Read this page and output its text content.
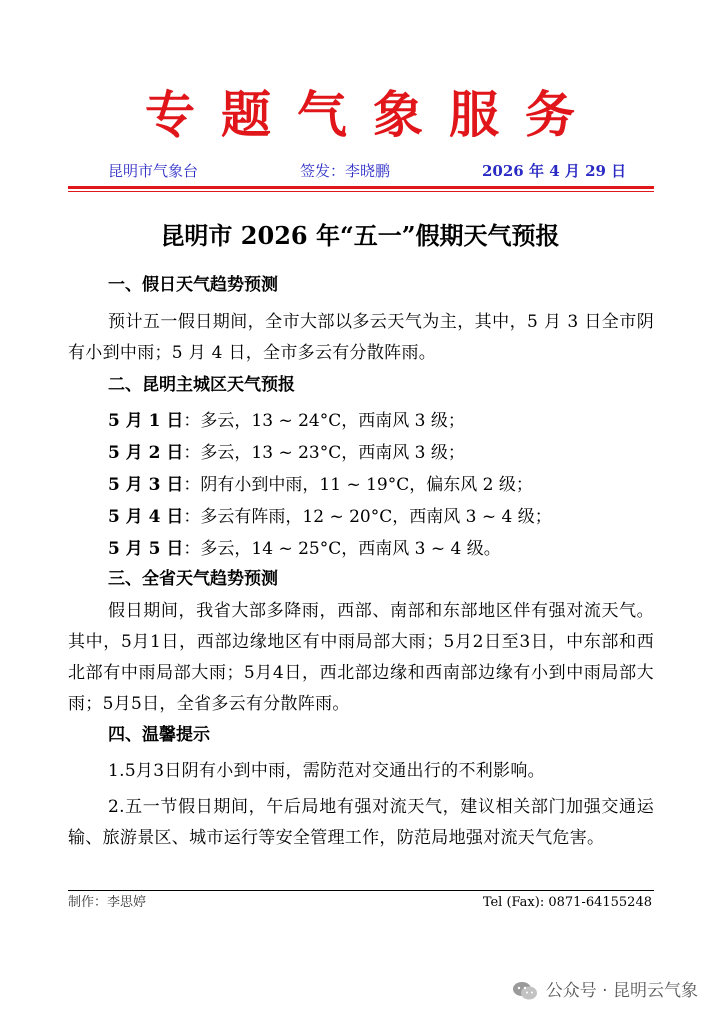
专题气象服务
昆明市气象台	签发：李晓鹏	2026 年 4 月 29 日
昆明市 2026 年“五一”假期天气预报
一、假日天气趋势预测
预计五一假日期间，全市大部以多云天气为主，其中，5 月 3 日全市阴有小到中雨；5 月 4 日，全市多云有分散阵雨。
二、昆明主城区天气预报
5 月 1 日：多云，13 ~ 24°C，西南风 3 级；
5 月 2 日：多云，13 ~ 23°C，西南风 3 级；
5 月 3 日：阴有小到中雨，11 ~ 19°C，偏东风 2 级；
5 月 4 日：多云有阵雨，12 ~ 20°C，西南风 3 ~ 4 级；
5 月 5 日：多云，14 ~ 25°C，西南风 3 ~ 4 级。
三、全省天气趋势预测
假日期间，我省大部多降雨，西部、南部和东部地区伴有强对流天气。其中，5月1日，西部边缘地区有中雨局部大雨；5月2日至3日，中东部和西北部有中雨局部大雨；5月4日，西北部边缘和西南部边缘有小到中雨局部大雨；5月5日，全省多云有分散阵雨。
四、温馨提示
1.5月3日阴有小到中雨，需防范对交通出行的不利影响。
2.五一节假日期间，午后局地有强对流天气，建议相关部门加强交通运输、旅游景区、城市运行等安全管理工作，防范局地强对流天气危害。
制作：李思婷	Tel (Fax): 0871-64155248
公众号 · 昆明云气象
